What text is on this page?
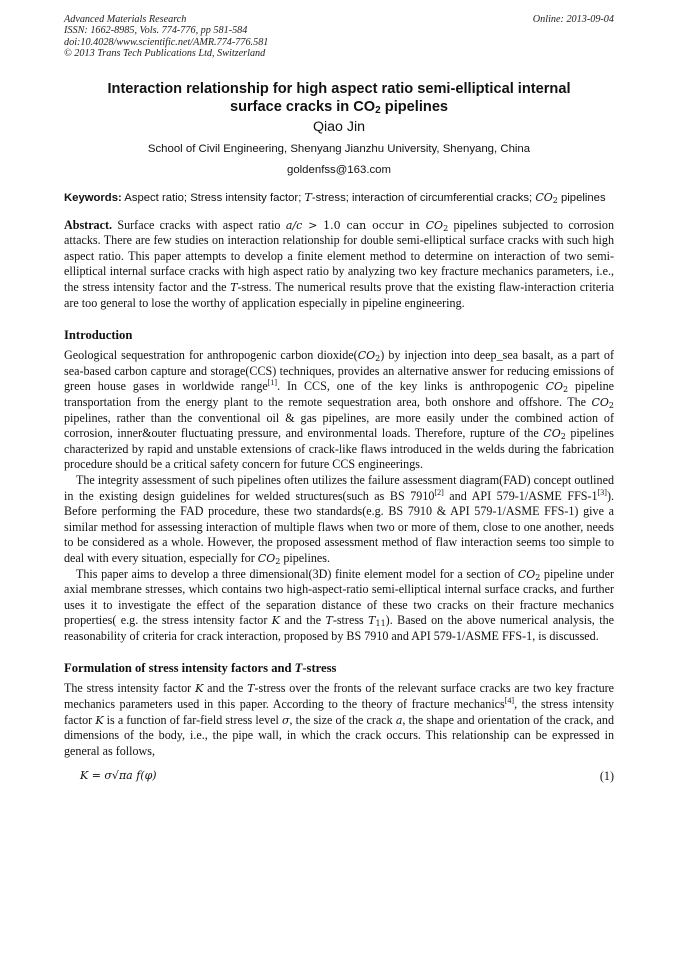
Advanced Materials Research
ISSN: 1662-8985, Vols. 774-776, pp 581-584
doi:10.4028/www.scientific.net/AMR.774-776.581
© 2013 Trans Tech Publications Ltd, Switzerland
Online: 2013-09-04
Interaction relationship for high aspect ratio semi-elliptical internal
surface cracks in $CO_2$ pipelines
Qiao Jin
School of Civil Engineering, Shenyang Jianzhu University, Shenyang, China
goldenfss@163.com
Keywords: Aspect ratio; Stress intensity factor; T-stress; interaction of circumferential cracks; $CO_2$ pipelines
Abstract. Surface cracks with aspect ratio a/c > 1.0 can occur in $CO_2$ pipelines subjected to corrosion attacks. There are few studies on interaction relationship for double semi-elliptical surface cracks with such high aspect ratio. This paper attempts to develop a finite element method to determine on interaction of two semi-elliptical internal surface cracks with high aspect ratio by analyzing two key fracture mechanics parameters, i.e., the stress intensity factor and the T-stress. The numerical results prove that the existing flaw-interaction criteria are too general to lose the worthy of application especially in pipeline engineering.
Introduction

Geological sequestration for anthropogenic carbon $dioxide(CO_2)$ by injection into deep_sea basalt, as a part of sea-based carbon capture and storage(CCS) techniques, provides an alternative answer for reducing emissions of green house gases in worldwide range[1]. In CCS, one of the key links is anthropogenic $CO_2$ pipeline transportation from the energy plant to the remote sequestration area, both onshore and offshore. The $CO_2$ pipelines, rather than the conventional oil & gas pipelines, are more easily under the combined action of corrosion, inner&outer fluctuating pressure, and environmental loads. Therefore, rupture of the $CO_2$ pipelines characterized by rapid and unstable extensions of crack-like flaws introduced in the welds during the fabrication procedure should be a critical safety concern for future CCS engineerings.

The integrity assessment of such pipelines often utilizes the failure assessment diagram(FAD) concept outlined in the existing design guidelines for welded structures(such as BS 7910[2] and API 579-1/ASME FFS-1[3]). Before performing the FAD procedure, these two standards(e.g. BS 7910 & API 579-1/ASME FFS-1) give a similar method for assessing interaction of multiple flaws when two or more of them, close to one another, needs to be considered as a whole. However, the proposed assessment method of flaw interaction seems too simple to deal with every situation, especially for $CO_2$ pipelines.

This paper aims to develop a three dimensional(3D) finite element model for a section of $CO_2$ pipeline under axial membrane stresses, which contains two high-aspect-ratio semi-elliptical internal surface cracks, and further uses it to investigate the effect of the separation distance of these two cracks on their fracture mechanics properties( e.g. the stress intensity factor K and the T-stress $T_{11}$). Based on the above numerical analysis, the reasonability of criteria for crack interaction, proposed by BS 7910 and API 579-1/ASME FFS-1, is discussed.

Formulation of stress intensity factors and T-stress

The stress intensity factor K and the T-stress over the fronts of the relevant surface cracks are two key fracture mechanics parameters used in this paper. According to the theory of fracture mechanics[4], the stress intensity factor K is a function of far-field stress level σ, the size of the crack a, the shape and orientation of the crack, and dimensions of the body, i.e., the pipe wall, in which the crack occurs. This relationship can be expressed in general as follows,

K = σ√πa f(φ)	(1)
